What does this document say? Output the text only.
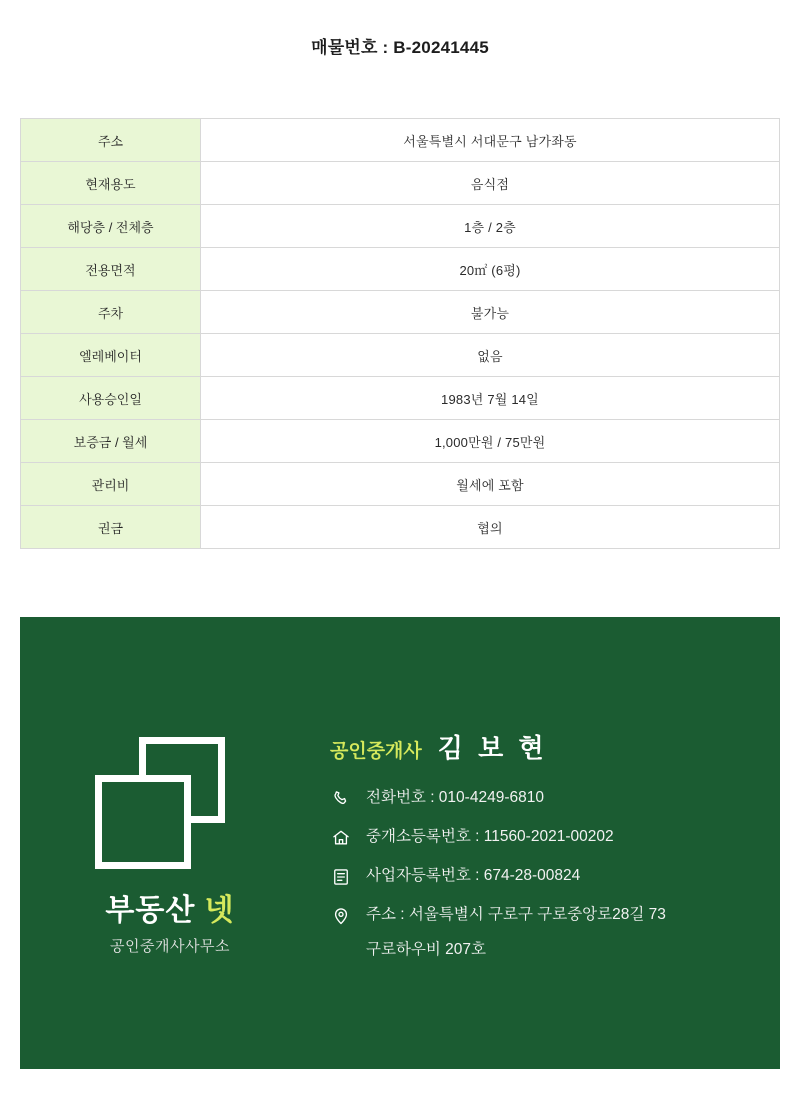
매물번호 : B-20241445
주소	서울특별시 서대문구 남가좌동
현재용도	음식점
해당층 / 전체층	1층 / 2층
전용면적	20㎡ (6평)
주차	불가능
엘레베이터	없음
사용승인일	1983년 7월 14일
보증금 / 월세	1,000만원 / 75만원
관리비	월세에 포함
권금	협의
부동산 넷
공인중개사사무소
공인중개사 김 보 현
전화번호 : 010-4249-6810
중개소등록번호 : 11560-2021-00202
사업자등록번호 : 674-28-00824
주소 : 서울특별시 구로구 구로중앙로28길 73
구로하우비 207호
